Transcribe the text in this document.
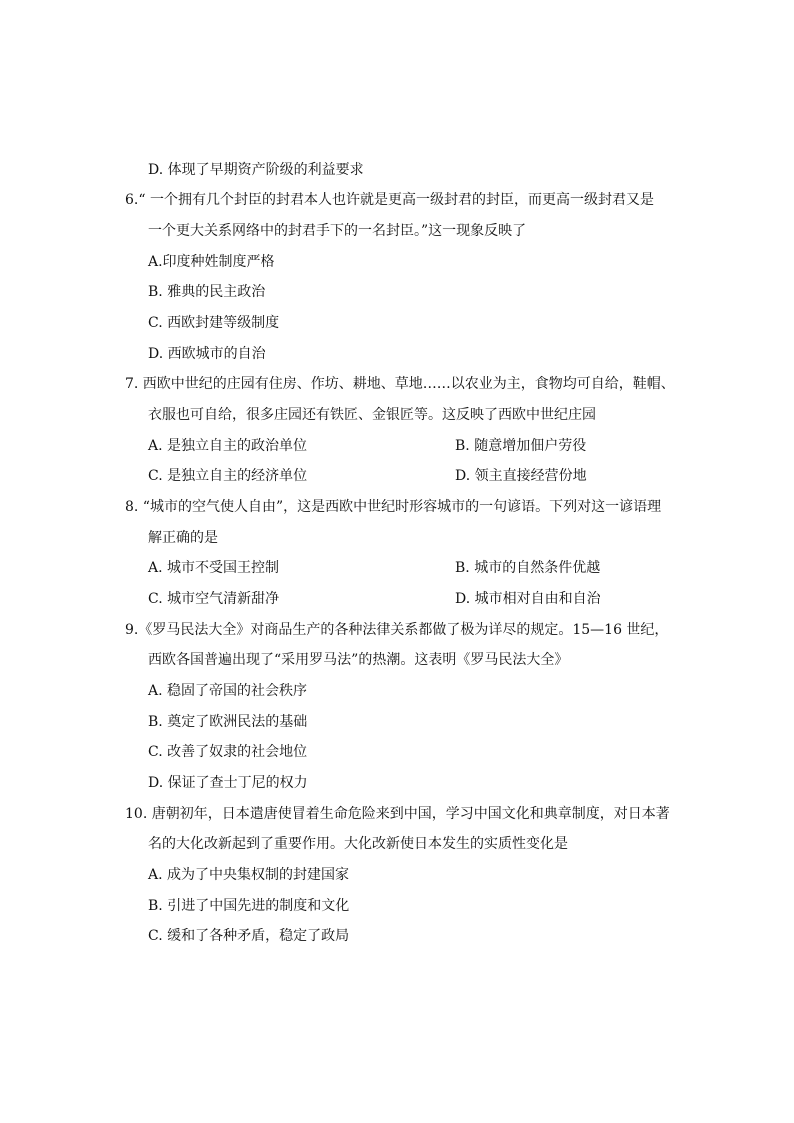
D. 体现了早期资产阶级的利益要求
6.“ 一个拥有几个封臣的封君本人也许就是更高一级封君的封臣，而更高一级封君又是
一个更大关系网络中的封君手下的一名封臣。”这一现象反映了
A.印度种姓制度严格
B. 雅典的民主政治
C. 西欧封建等级制度
D. 西欧城市的自治
7. 西欧中世纪的庄园有住房、作坊、耕地、草地……以农业为主，食物均可自给，鞋帽、
衣服也可自给，很多庄园还有铁匠、金银匠等。这反映了西欧中世纪庄园
A. 是独立自主的政治单位	B. 随意增加佃户劳役
C. 是独立自主的经济单位	D. 领主直接经营份地
8. “城市的空气使人自由”，这是西欧中世纪时形容城市的一句谚语。下列对这一谚语理
解正确的是
A. 城市不受国王控制	B. 城市的自然条件优越
C. 城市空气清新甜净	D. 城市相对自由和自治
9.《罗马民法大全》对商品生产的各种法律关系都做了极为详尽的规定。15—16 世纪，
西欧各国普遍出现了“采用罗马法”的热潮。这表明《罗马民法大全》
A. 稳固了帝国的社会秩序
B. 奠定了欧洲民法的基础
C. 改善了奴隶的社会地位
D. 保证了查士丁尼的权力
10. 唐朝初年，日本遣唐使冒着生命危险来到中国，学习中国文化和典章制度，对日本著
名的大化改新起到了重要作用。大化改新使日本发生的实质性变化是
A. 成为了中央集权制的封建国家
B. 引进了中国先进的制度和文化
C. 缓和了各种矛盾，稳定了政局
